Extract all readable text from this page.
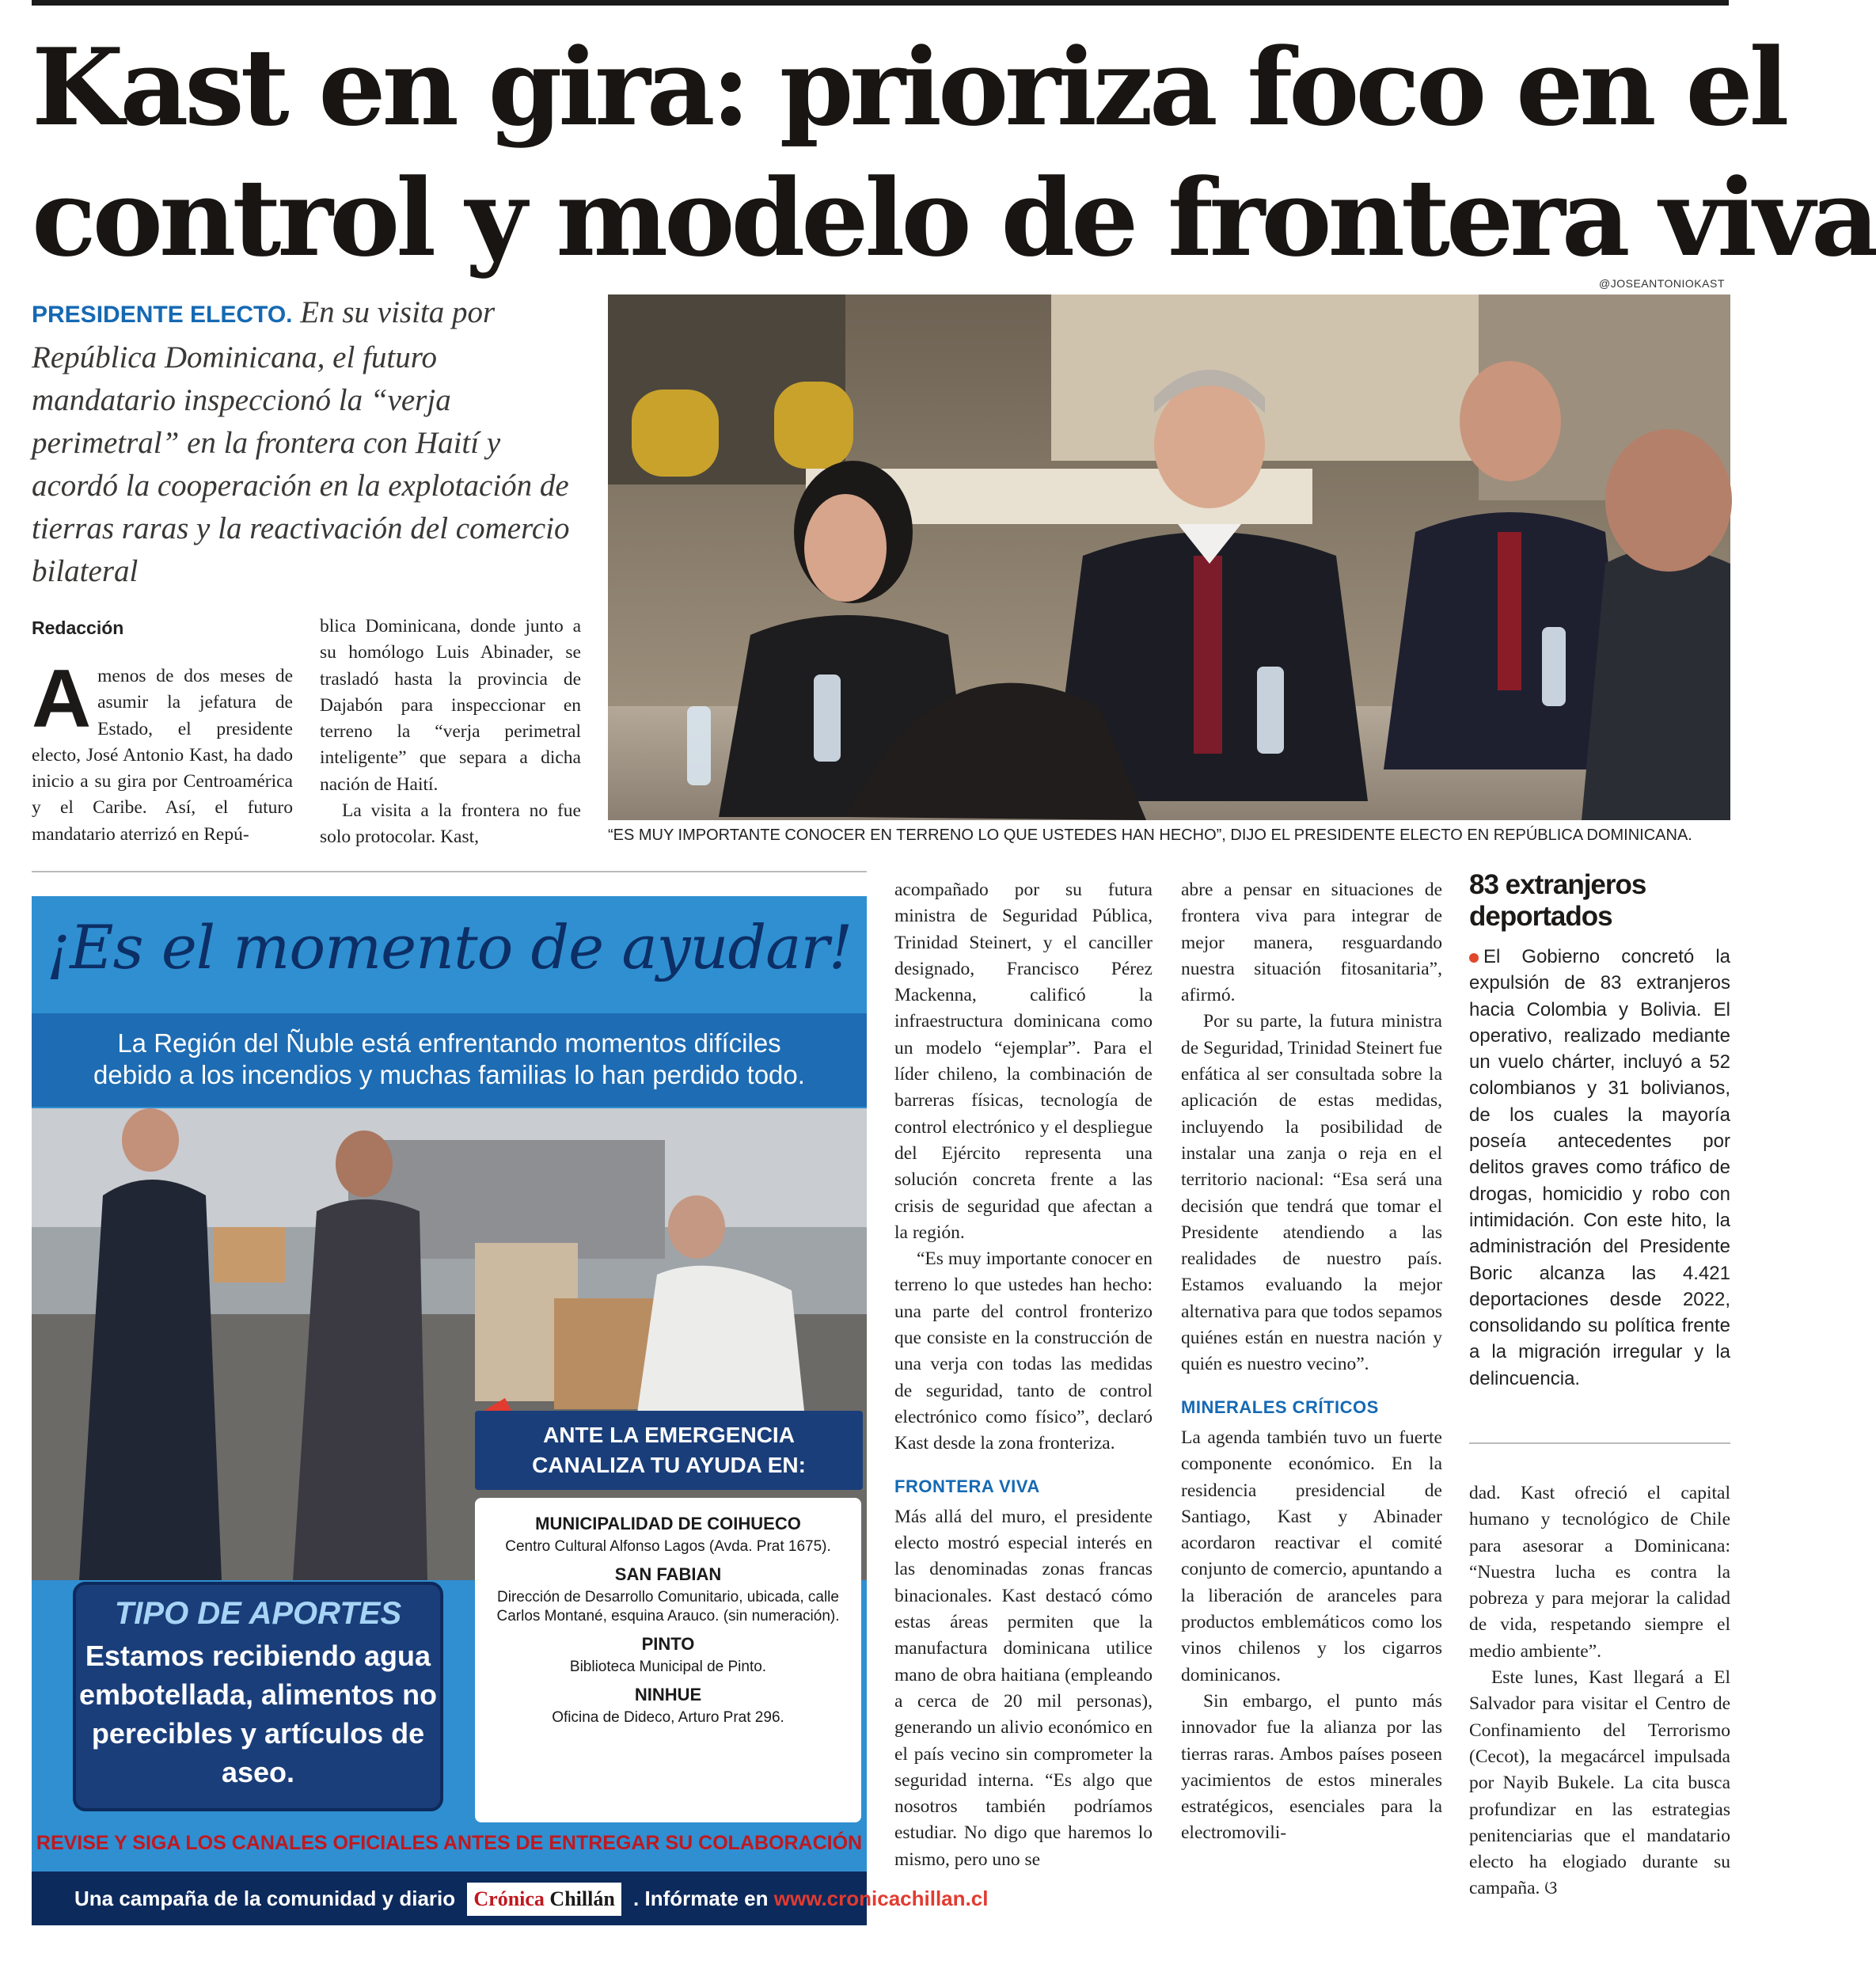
Kast en gira: prioriza foco en el
control y modelo de frontera viva
@JOSEANTONIOKAST
PRESIDENTE ELECTO. En su visita por República Dominicana, el futuro mandatario inspeccionó la “verja perimetral” en la frontera con Haití y acordó la cooperación en la explotación de tierras raras y la reactivación del comercio bilateral
“ES MUY IMPORTANTE CONOCER EN TERRENO LO QUE USTEDES HAN HECHO”, DIJO EL PRESIDENTE ELECTO EN REPÚBLICA DOMINICANA.
Redacción

Amenos de dos meses de asumir la jefatura de Estado, el presidente electo, José Antonio Kast, ha dado inicio a su gira por Centroamérica y el Caribe. Así, el futuro mandatario aterrizó en Repú-

blica Dominicana, donde junto a su homólogo Luis Abinader, se trasladó hasta la provincia de Dajabón para inspeccionar en terreno la “verja perimetral inteligente” que separa a dicha nación de Haití.

La visita a la frontera no fue solo protocolar. Kast,

acompañado por su futura ministra de Seguridad Pública, Trinidad Steinert, y el canciller designado, Francisco Pérez Mackenna, calificó la infraestructura dominicana como un modelo “ejemplar”. Para el líder chileno, la combinación de barreras físicas, tecnología de control electrónico y el despliegue del Ejército representa una solución concreta frente a las crisis de seguridad que afectan a la región.

“Es muy importante conocer en terreno lo que ustedes han hecho: una parte del control fronterizo que consiste en la construcción de una verja con todas las medidas de seguridad, tanto de control electrónico como físico”, declaró Kast desde la zona fronteriza.

FRONTERA VIVA

Más allá del muro, el presidente electo mostró especial interés en las denominadas zonas francas binacionales. Kast destacó cómo estas áreas permiten que la manufactura dominicana utilice mano de obra haitiana (empleando a cerca de 20 mil personas), generando un alivio económico en el país vecino sin comprometer la seguridad interna. “Es algo que nosotros también podríamos estudiar. No digo que haremos lo mismo, pero uno se

abre a pensar en situaciones de frontera viva para integrar de mejor manera, resguardando nuestra situación fitosanitaria”, afirmó.

Por su parte, la futura ministra de Seguridad, Trinidad Steinert fue enfática al ser consultada sobre la aplicación de estas medidas, incluyendo la posibilidad de instalar una zanja o reja en el territorio nacional: “Esa será una decisión que tendrá que tomar el Presidente atendiendo a las realidades de nuestro país. Estamos evaluando la mejor alternativa para que todos sepamos quiénes están en nuestra nación y quién es nuestro vecino”.

MINERALES CRÍTICOS

La agenda también tuvo un fuerte componente económico. En la residencia presidencial de Santiago, Kast y Abinader acordaron reactivar el comité conjunto de comercio, apuntando a la liberación de aranceles para productos emblemáticos como los vinos chilenos y los cigarros dominicanos.

Sin embargo, el punto más innovador fue la alianza por las tierras raras. Ambos países poseen yacimientos de estos minerales estratégicos, esenciales para la electromovili-

83 extranjeros deportados
El Gobierno concretó la expulsión de 83 extranjeros hacia Colombia y Bolivia. El operativo, realizado mediante un vuelo chárter, incluyó a 52 colombianos y 31 bolivianos, de los cuales la mayoría poseía antecedentes por delitos graves como tráfico de drogas, homicidio y robo con intimidación. Con este hito, la administración del Presidente Boric alcanza las 4.421 deportaciones desde 2022, consolidando su política frente a la migración irregular y la delincuencia.

dad. Kast ofreció el capital humano y tecnológico de Chile para asesorar a Dominicana: “Nuestra lucha es contra la pobreza y para mejorar la calidad de vida, respetando siempre el medio ambiente”.

Este lunes, Kast llegará a El Salvador para visitar el Centro de Confinamiento del Terrorismo (Cecot), la megacárcel impulsada por Nayib Bukele. La cita busca profundizar en las estrategias penitenciarias que el mandatario electo ha elogiado durante su campaña. ଓ

¡Es el momento de ayudar!
La Región del Ñuble está enfrentando momentos difíciles
debido a los incendios y muchas familias lo han perdido todo.
ANTE LA EMERGENCIA
CANALIZA TU AYUDA EN:
MUNICIPALIDAD DE COIHUECO
Centro Cultural Alfonso Lagos (Avda. Prat 1675).
SAN FABIAN
Dirección de Desarrollo Comunitario, ubicada, calle Carlos Montané, esquina Arauco. (sin numeración).
PINTO
Biblioteca Municipal de Pinto.
NINHUE
Oficina de Dideco, Arturo Prat 296.
TIPO DE APORTES
Estamos recibiendo agua embotellada, alimentos no perecibles y artículos de aseo.
REVISE Y SIGA LOS CANALES OFICIALES ANTES DE ENTREGAR SU COLABORACIÓN
Una campaña de la comunidad y diario Crónica Chillán . Infórmate en www.cronicachillan.cl
